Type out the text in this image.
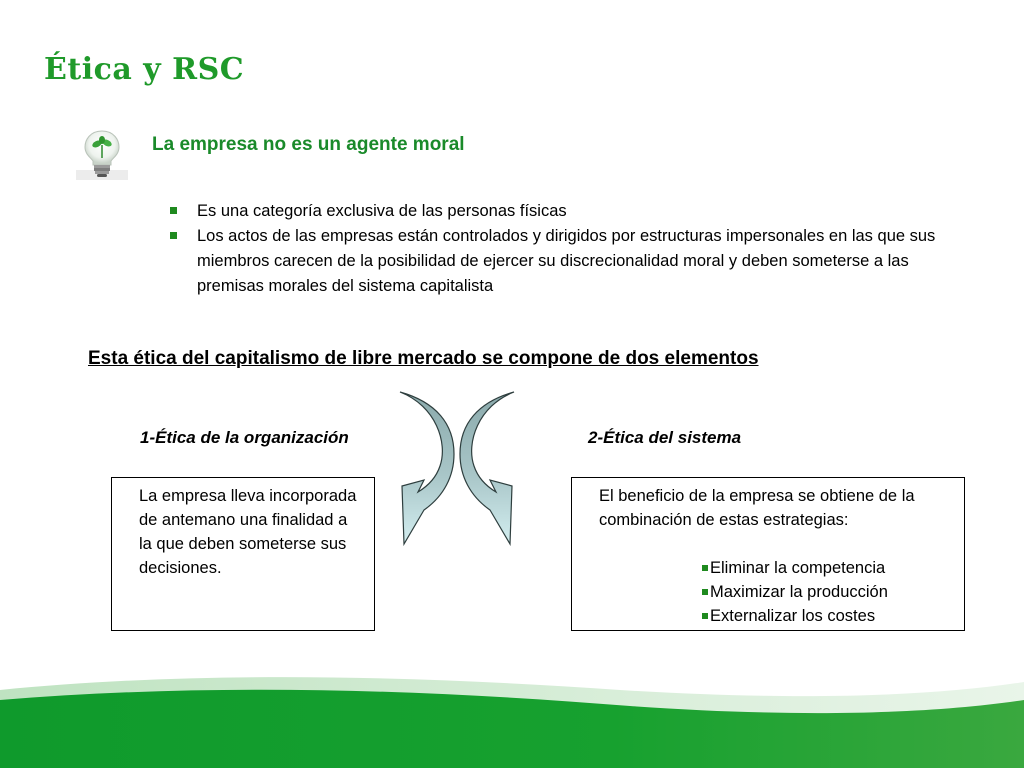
Ética y RSC
La empresa no es un agente moral
Es una categoría exclusiva de las personas físicas
Los actos de las empresas están controlados y dirigidos por estructuras impersonales en las que sus miembros carecen de la posibilidad de ejercer su discrecionalidad moral y deben someterse a las premisas morales del sistema capitalista
Esta ética del capitalismo de libre mercado se compone de dos elementos
1-Ética de la organización	2-Ética del sistema

La empresa lleva incorporada de antemano una finalidad a la que deben someterse sus decisiones.

El beneficio de la empresa se obtiene de la combinación de estas estrategias:

Eliminar la competencia
Maximizar la producción
Externalizar los costes
